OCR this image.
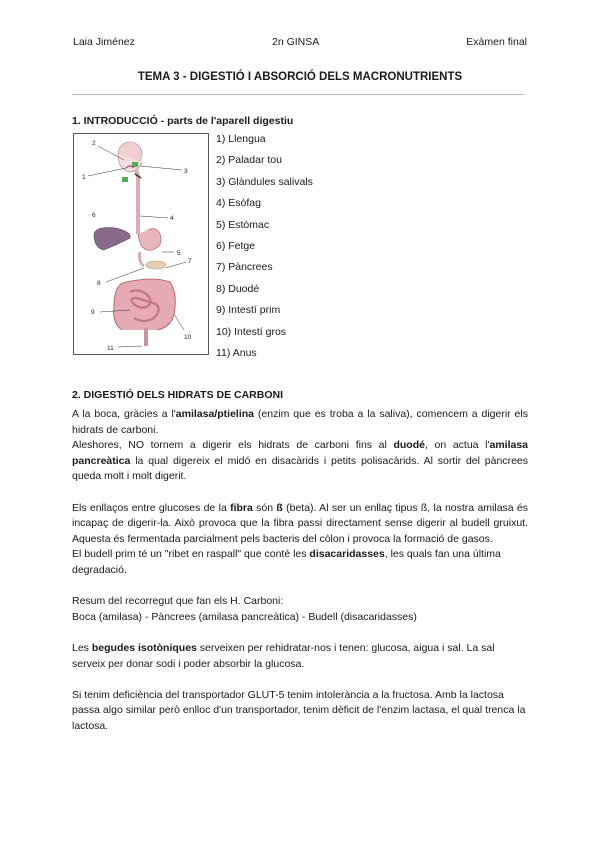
Laia Jiménez	2n GINSA	Exàmen final
TEMA 3 - DIGESTIÓ I ABSORCIÓ DELS MACRONUTRIENTS
1. INTRODUCCIÓ - parts de l'aparell digestiu
1
2
3
4
5
6
7
8
9
10
11
1) Llengua
2) Paladar tou
3) Glàndules salivals
4) Esòfag
5) Estòmac
6) Fetge
7) Pàncrees
8) Duodé
9) Intestí prim
10) Intestí gros
11) Anus
2. DIGESTIÓ DELS HIDRATS DE CARBONI

A la boca, gràcies a l'amilasa/ptielina (enzim que es troba a la saliva), comencem a digerir els hidrats de carboni.

Aleshores, NO tornem a digerir els hidrats de carboni fins al duodé, on actua l'amilasa pancreàtica la qual digereix el midó en disacàrids i petits polisacàrids. Al sortir del pàncrees queda molt i molt digerit.

Els enllaços entre glucoses de la fibra són ß (beta). Al ser un enllaç tipus ß, la nostra amilasa és incapaç de digerir-la. Això provoca que la fibra passi directament sense digerir al budell gruixut. Aquesta és fermentada parcialment pels bacteris del còlon i provoca la formació de gasos.

El budell prim té un "ribet en raspall" que conté les disacaridasses, les quals fan una última degradació.

Resum del recorregut que fan els H. Carboni:

Boca (amilasa) - Pàncrees (amilasa pancreàtica) - Budell (disacaridasses)

Les begudes isotòniques serveixen per rehidratar-nos i tenen: glucosa, aigua i sal. La sal serveix per donar sodi i poder absorbir la glucosa.

Si tenim deficiència del transportador GLUT-5 tenim intolerància a la fructosa. Amb la lactosa passa algo similar però enlloc d'un transportador, tenim dèficit de l'enzim lactasa, el qual trenca la lactosa.
